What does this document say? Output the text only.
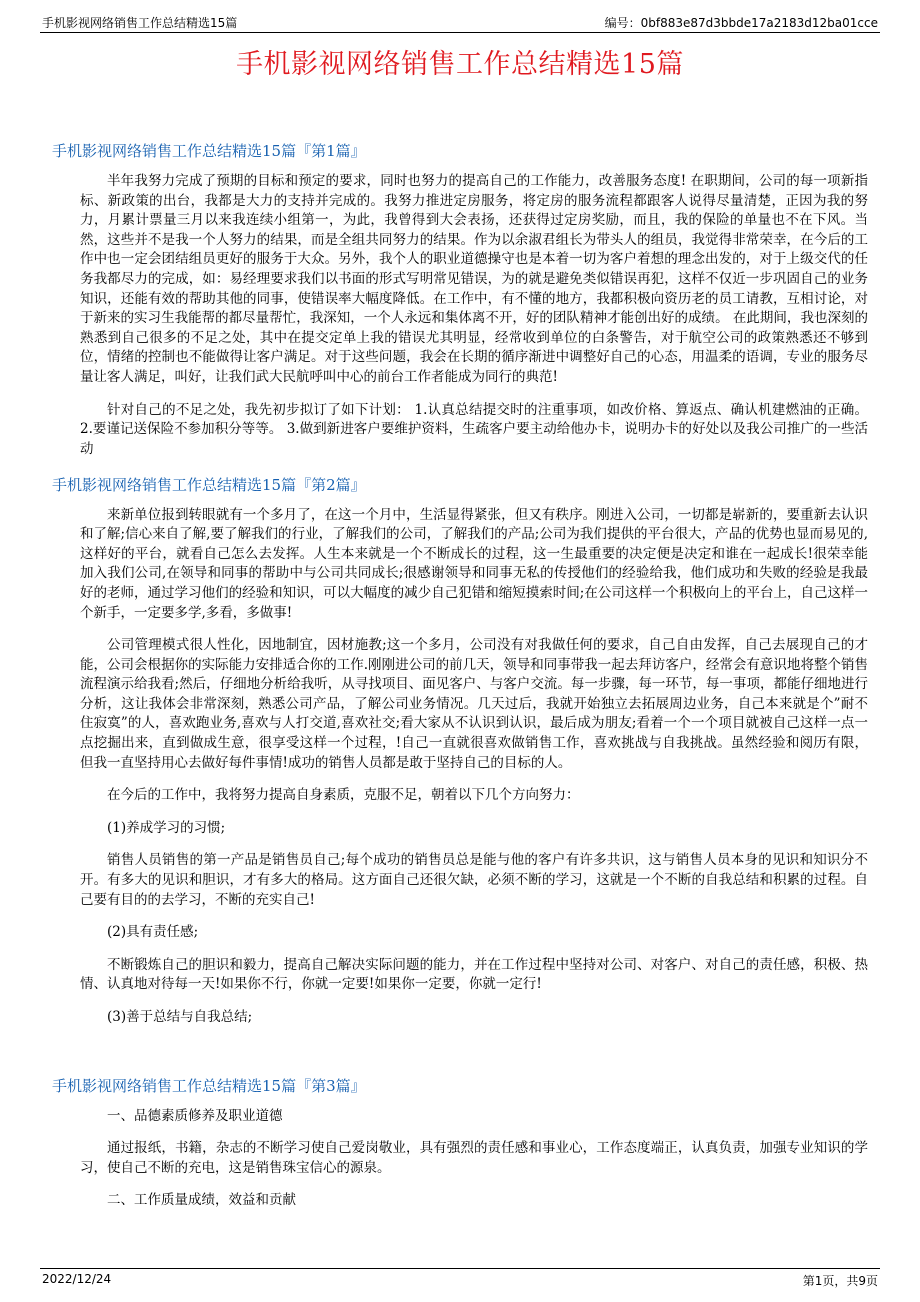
手机影视网络销售工作总结精选15篇	编号：0bf883e87d3bbde17a2183d12ba01cce
手机影视网络销售工作总结精选15篇
手机影视网络销售工作总结精选15篇『第1篇』
半年我努力完成了预期的目标和预定的要求，同时也努力的提高自己的工作能力，改善服务态度! 在职期间，公司的每一项新指标、新政策的出台，我都是大力的支持并完成的。我努力推进定房服务，将定房的服务流程都跟客人说得尽量清楚，正因为我的努力，月累计票量三月以来我连续小组第一，为此，我曾得到大会表扬，还获得过定房奖励，而且，我的保险的单量也不在下风。当然，这些并不是我一个人努力的结果，而是全组共同努力的结果。作为以余淑君组长为带头人的组员，我觉得非常荣幸，在今后的工作中也一定会团结组员更好的服务于大众。另外，我个人的职业道德操守也是本着一切为客户着想的理念出发的，对于上级交代的任务我都尽力的完成，如：易经理要求我们以书面的形式写明常见错误，为的就是避免类似错误再犯，这样不仅近一步巩固自己的业务知识，还能有效的帮助其他的同事，使错误率大幅度降低。在工作中，有不懂的地方，我都积极向资历老的员工请教，互相讨论，对于新来的实习生我能帮的都尽量帮忙，我深知，一个人永远和集体离不开，好的团队精神才能创出好的成绩。 在此期间，我也深刻的熟悉到自己很多的不足之处，其中在提交定单上我的错误尤其明显，经常收到单位的白条警告，对于航空公司的政策熟悉还不够到位，情绪的控制也不能做得让客户满足。对于这些问题，我会在长期的循序渐进中调整好自己的心态，用温柔的语调，专业的服务尽量让客人满足，叫好，让我们武大民航呼叫中心的前台工作者能成为同行的典范!
针对自己的不足之处，我先初步拟订了如下计划： 1.认真总结提交时的注重事项，如改价格、算返点、确认机建燃油的正确。 2.要谨记送保险不参加积分等等。 3.做到新进客户要维护资料，生疏客户要主动给他办卡，说明办卡的好处以及我公司推广的一些活动
手机影视网络销售工作总结精选15篇『第2篇』
来新单位报到转眼就有一个多月了，在这一个月中，生活显得紧张，但又有秩序。刚进入公司，一切都是崭新的，要重新去认识和了解;信心来自了解,要了解我们的行业，了解我们的公司，了解我们的产品;公司为我们提供的平台很大，产品的优势也显而易见的,这样好的平台，就看自己怎么去发挥。人生本来就是一个不断成长的过程，这一生最重要的决定便是决定和谁在一起成长!很荣幸能加入我们公司,在领导和同事的帮助中与公司共同成长;很感谢领导和同事无私的传授他们的经验给我，他们成功和失败的经验是我最好的老师，通过学习他们的经验和知识，可以大幅度的减少自己犯错和缩短摸索时间;在公司这样一个积极向上的平台上，自己这样一个新手，一定要多学,多看，多做事!
公司管理模式很人性化，因地制宜，因材施教;这一个多月，公司没有对我做任何的要求，自己自由发挥，自己去展现自己的才能，公司会根据你的实际能力安排适合你的工作.刚刚进公司的前几天，领导和同事带我一起去拜访客户，经常会有意识地将整个销售流程演示给我看;然后，仔细地分析给我听，从寻找项目、面见客户、与客户交流。每一步骤，每一环节，每一事项，都能仔细地进行分析，这让我体会非常深刻，熟悉公司产品，了解公司业务情况。几天过后，我就开始独立去拓展周边业务，自己本来就是个”耐不住寂寞”的人，喜欢跑业务,喜欢与人打交道,喜欢社交;看大家从不认识到认识，最后成为朋友;看着一个一个项目就被自己这样一点一点挖掘出来，直到做成生意，很享受这样一个过程，!自己一直就很喜欢做销售工作，喜欢挑战与自我挑战。虽然经验和阅历有限，但我一直坚持用心去做好每件事情!成功的销售人员都是敢于坚持自己的目标的人。
在今后的工作中，我将努力提高自身素质，克服不足，朝着以下几个方向努力：
(1)养成学习的习惯;
销售人员销售的第一产品是销售员自己;每个成功的销售员总是能与他的客户有许多共识，这与销售人员本身的见识和知识分不开。有多大的见识和胆识，才有多大的格局。这方面自己还很欠缺，必须不断的学习，这就是一个不断的自我总结和积累的过程。自己要有目的的去学习，不断的充实自己!
(2)具有责任感;
不断锻炼自己的胆识和毅力，提高自己解决实际问题的能力，并在工作过程中坚持对公司、对客户、对自己的责任感，积极、热情、认真地对待每一天!如果你不行，你就一定要!如果你一定要，你就一定行!
(3)善于总结与自我总结;
手机影视网络销售工作总结精选15篇『第3篇』
一、品德素质修养及职业道德
通过报纸，书籍，杂志的不断学习使自己爱岗敬业，具有强烈的责任感和事业心，工作态度端正，认真负责，加强专业知识的学习，使自己不断的充电，这是销售珠宝信心的源泉。
二、工作质量成绩，效益和贡献
2022/12/24	第1页，共9页
